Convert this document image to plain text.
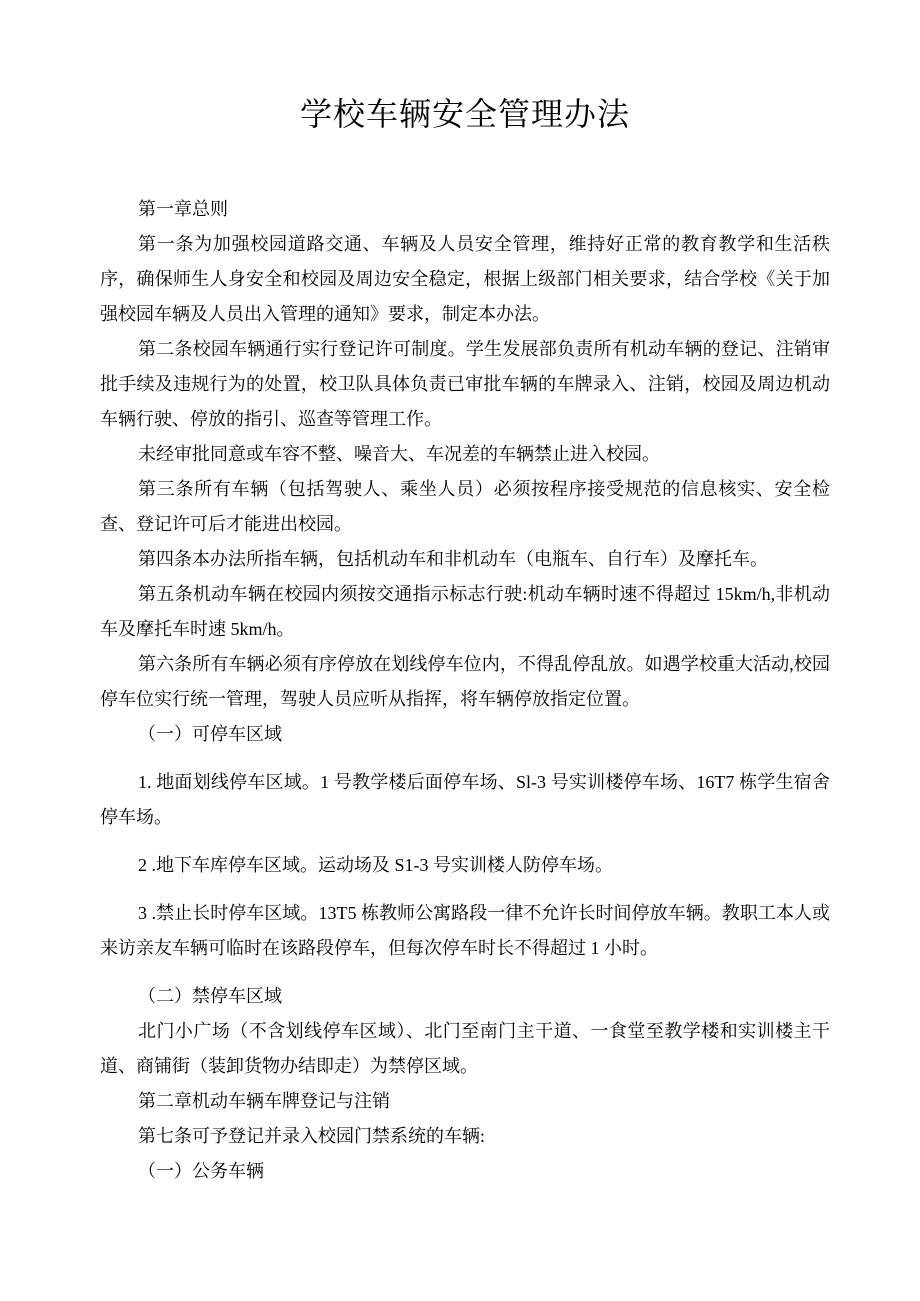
学校车辆安全管理办法

第一章总则

第一条为加强校园道路交通、车辆及人员安全管理，维持好正常的教育教学和生活秩序，确保师生人身安全和校园及周边安全稳定，根据上级部门相关要求，结合学校《关于加强校园车辆及人员出入管理的通知》要求，制定本办法。

第二条校园车辆通行实行登记许可制度。学生发展部负责所有机动车辆的登记、注销审批手续及违规行为的处置，校卫队具体负责已审批车辆的车牌录入、注销，校园及周边机动车辆行驶、停放的指引、巡查等管理工作。

未经审批同意或车容不整、噪音大、车况差的车辆禁止进入校园。

第三条所有车辆（包括驾驶人、乘坐人员）必须按程序接受规范的信息核实、安全检查、登记许可后才能进出校园。

第四条本办法所指车辆，包括机动车和非机动车（电瓶车、自行车）及摩托车。

第五条机动车辆在校园内须按交通指示标志行驶:机动车辆时速不得超过 15km/h,非机动车及摩托车时速 5km/h。

第六条所有车辆必须有序停放在划线停车位内，不得乱停乱放。如遇学校重大活动,校园停车位实行统一管理，驾驶人员应听从指挥，将车辆停放指定位置。

（一）可停车区域

1. 地面划线停车区域。1 号教学楼后面停车场、Sl-3 号实训楼停车场、16T7 栋学生宿舍停车场。

2 .地下车库停车区域。运动场及 S1-3 号实训楼人防停车场。

3 .禁止长时停车区域。13T5 栋教师公寓路段一律不允许长时间停放车辆。教职工本人或来访亲友车辆可临时在该路段停车，但每次停车时长不得超过 1 小时。

（二）禁停车区域

北门小广场（不含划线停车区域）、北门至南门主干道、一食堂至教学楼和实训楼主干道、商铺街（装卸货物办结即走）为禁停区域。

第二章机动车辆车牌登记与注销

第七条可予登记并录入校园门禁系统的车辆:

（一）公务车辆
